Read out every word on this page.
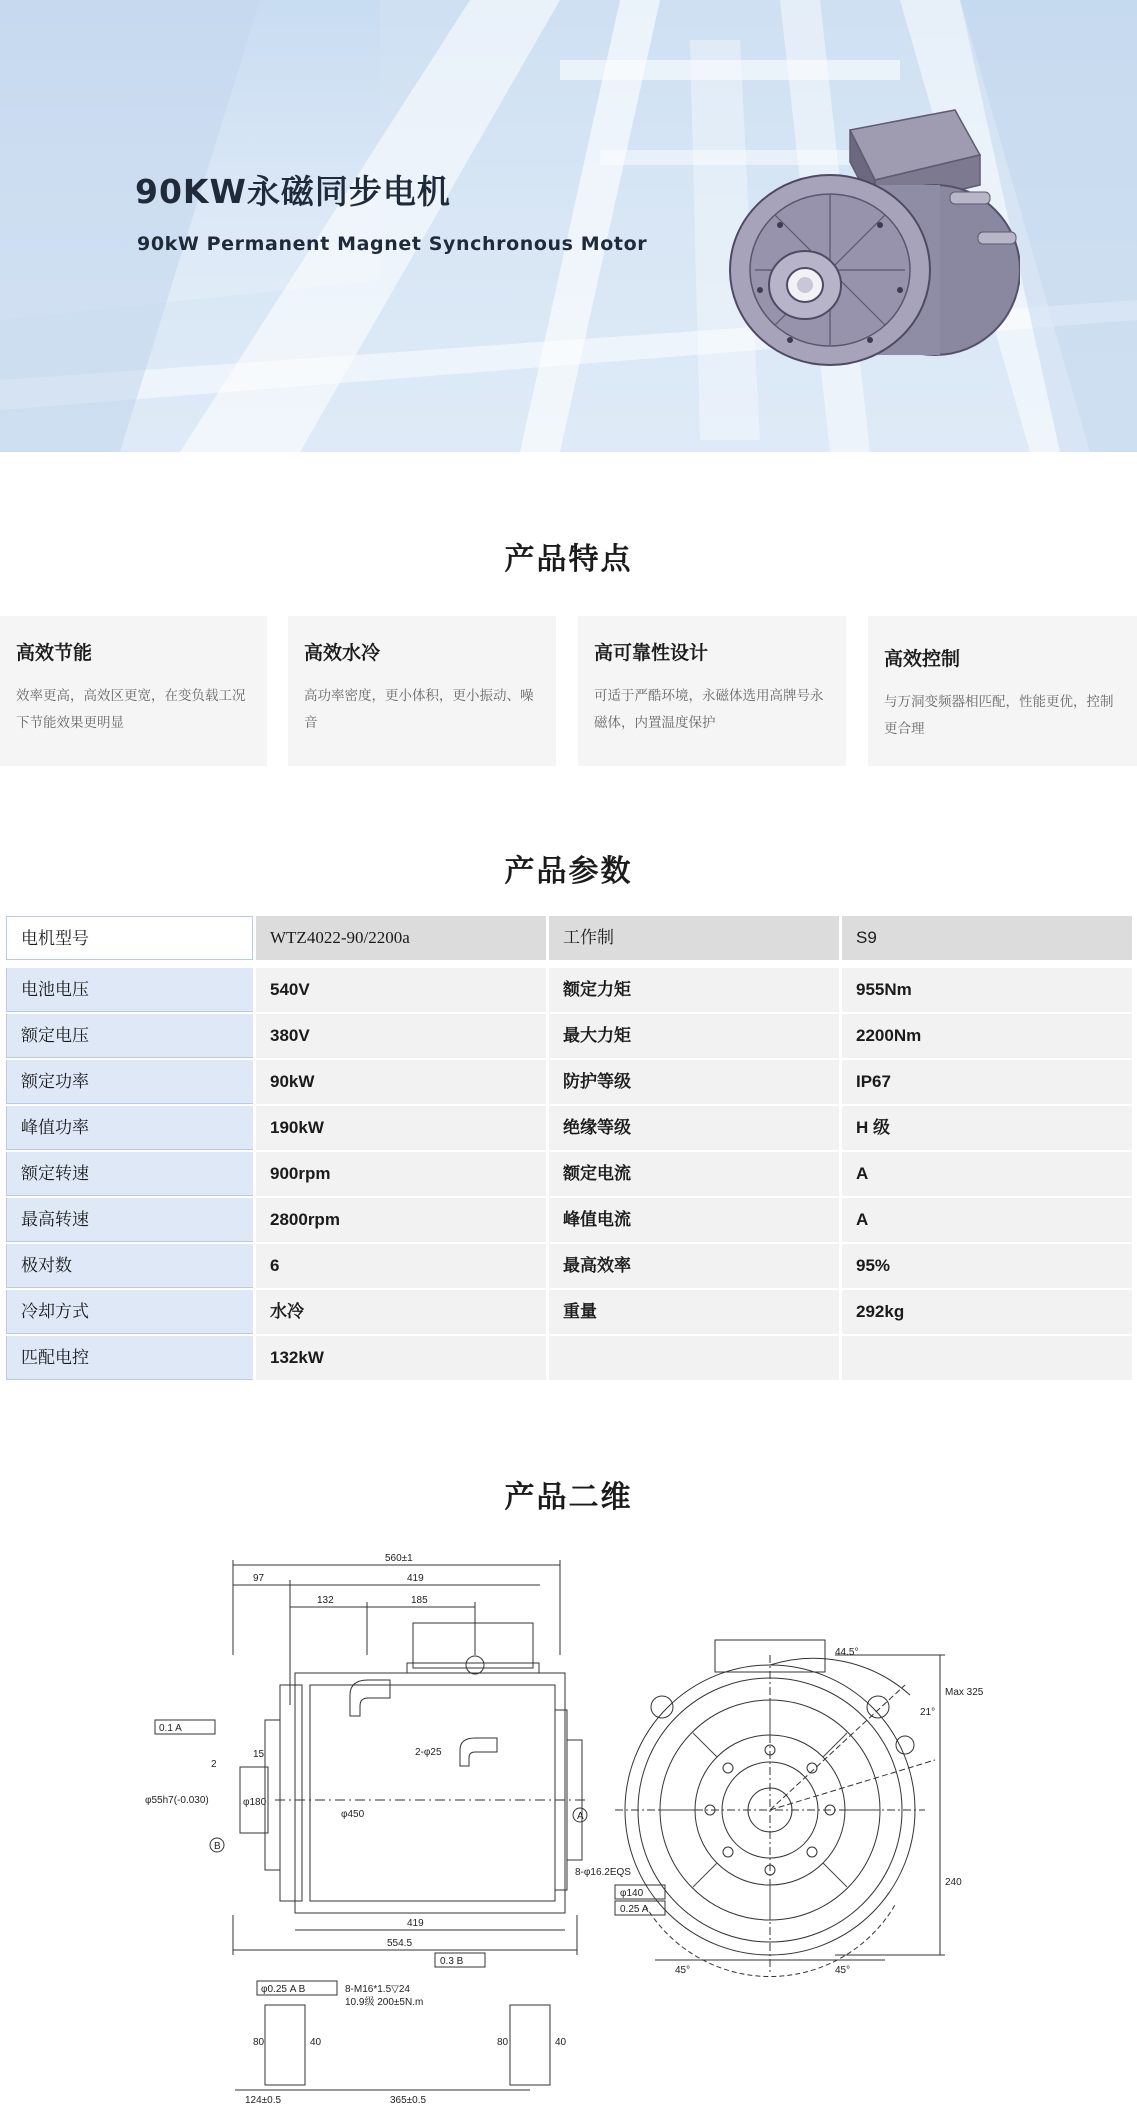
90KW永磁同步电机
90kW Permanent Magnet Synchronous Motor
产品特点
高效节能
效率更高，高效区更宽，在变负载工况下节能效果更明显
高效水冷
高功率密度，更小体积，更小振动、噪音
高可靠性设计
可适于严酷环境，永磁体选用高牌号永磁体，内置温度保护
高效控制
与万洞变频器相匹配，性能更优，控制更合理
产品参数
电机型号	WTZ4022-90/2200a	工作制	S9
电池电压	540V	额定力矩	955Nm
额定电压	380V	最大力矩	2200Nm
额定功率	90kW	防护等级	IP67
峰值功率	190kW	绝缘等级	H 级
额定转速	900rpm	额定电流	A
最高转速	2800rpm	峰值电流	A
极对数	6	最高效率	95%
冷却方式	水冷	重量	292kg
匹配电控	132kW
产品二维
560±1
97	419
132	185
15
2
2-φ25
φ450
φ180
φ55h7(-0.030)
419
554.5
0.1 A
0.3 B
φ0.25 A B	8-M16*1.5▽24
10.9级 200±5N.m
80	40	80	40
124±0.5	365±0.5
44.5°
21°
Max 325
240
8-φ16.2EQS
φ140
0.25 A
45°	45°
A
B
